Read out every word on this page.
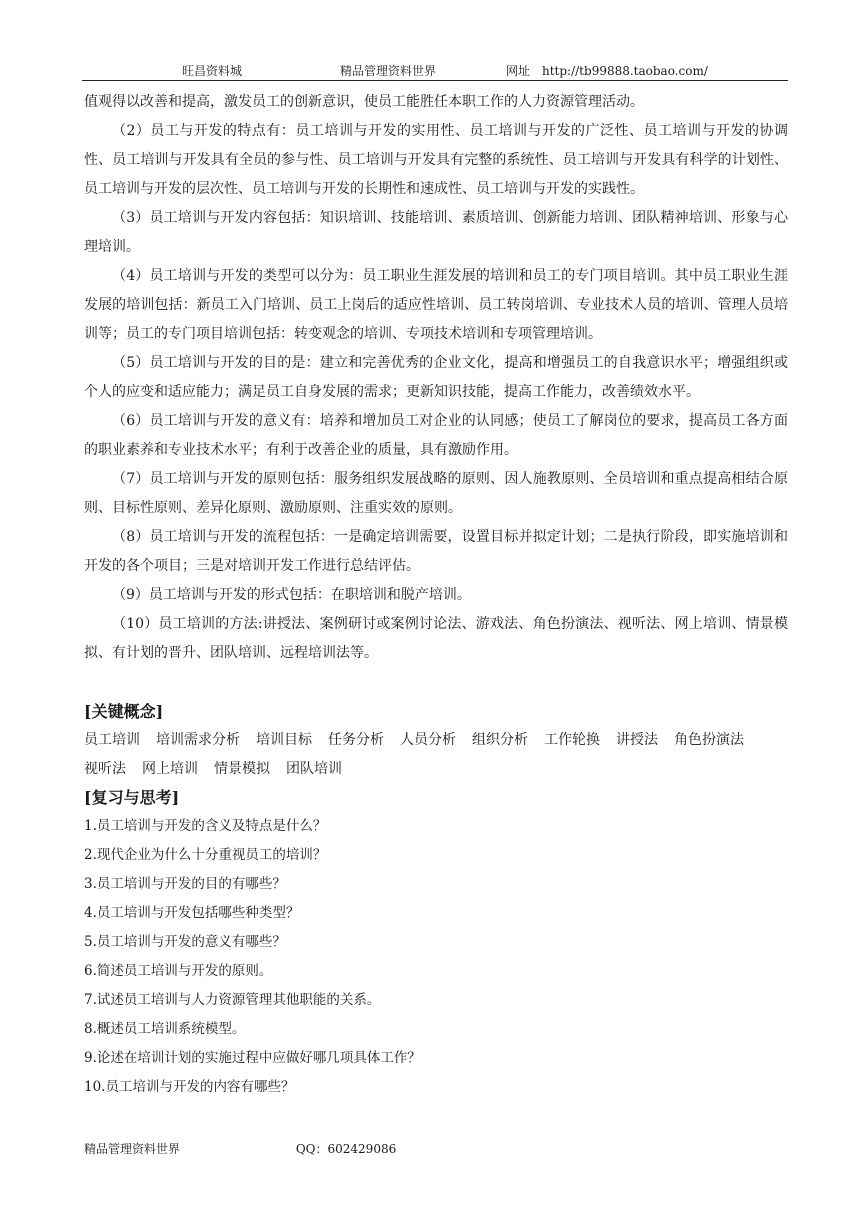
旺昌资料城	精品管理资料世界	网址 http://tb99888.taobao.com/

值观得以改善和提高，激发员工的创新意识，使员工能胜任本职工作的人力资源管理活动。

（2）员工与开发的特点有：员工培训与开发的实用性、员工培训与开发的广泛性、员工培训与开发的协调性、员工培训与开发具有全员的参与性、员工培训与开发具有完整的系统性、员工培训与开发具有科学的计划性、员工培训与开发的层次性、员工培训与开发的长期性和速成性、员工培训与开发的实践性。

（3）员工培训与开发内容包括：知识培训、技能培训、素质培训、创新能力培训、团队精神培训、形象与心理培训。

（4）员工培训与开发的类型可以分为：员工职业生涯发展的培训和员工的专门项目培训。其中员工职业生涯发展的培训包括：新员工入门培训、员工上岗后的适应性培训、员工转岗培训、专业技术人员的培训、管理人员培训等；员工的专门项目培训包括：转变观念的培训、专项技术培训和专项管理培训。

（5）员工培训与开发的目的是：建立和完善优秀的企业文化，提高和增强员工的自我意识水平；增强组织或个人的应变和适应能力；满足员工自身发展的需求；更新知识技能，提高工作能力，改善绩效水平。

（6）员工培训与开发的意义有：培养和增加员工对企业的认同感；使员工了解岗位的要求，提高员工各方面的职业素养和专业技术水平；有利于改善企业的质量，具有激励作用。

（7）员工培训与开发的原则包括：服务组织发展战略的原则、因人施教原则、全员培训和重点提高相结合原则、目标性原则、差异化原则、激励原则、注重实效的原则。

（8）员工培训与开发的流程包括：一是确定培训需要，设置目标并拟定计划；二是执行阶段，即实施培训和开发的各个项目；三是对培训开发工作进行总结评估。

（9）员工培训与开发的形式包括：在职培训和脱产培训。

（10）员工培训的方法:讲授法、案例研讨或案例讨论法、游戏法、角色扮演法、视听法、网上培训、情景模拟、有计划的晋升、团队培训、远程培训法等。

[关键概念]

员工培训 培训需求分析 培训目标 任务分析 人员分析 组织分析 工作轮换 讲授法 角色扮演法
视听法 网上培训 情景模拟 团队培训

[复习与思考]

1.员工培训与开发的含义及特点是什么？
2.现代企业为什么十分重视员工的培训？
3.员工培训与开发的目的有哪些？
4.员工培训与开发包括哪些种类型？
5.员工培训与开发的意义有哪些？
6.简述员工培训与开发的原则。
7.试述员工培训与人力资源管理其他职能的关系。
8.概述员工培训系统模型。
9.论述在培训计划的实施过程中应做好哪几项具体工作？
10.员工培训与开发的内容有哪些？
精品管理资料世界	QQ：602429086
